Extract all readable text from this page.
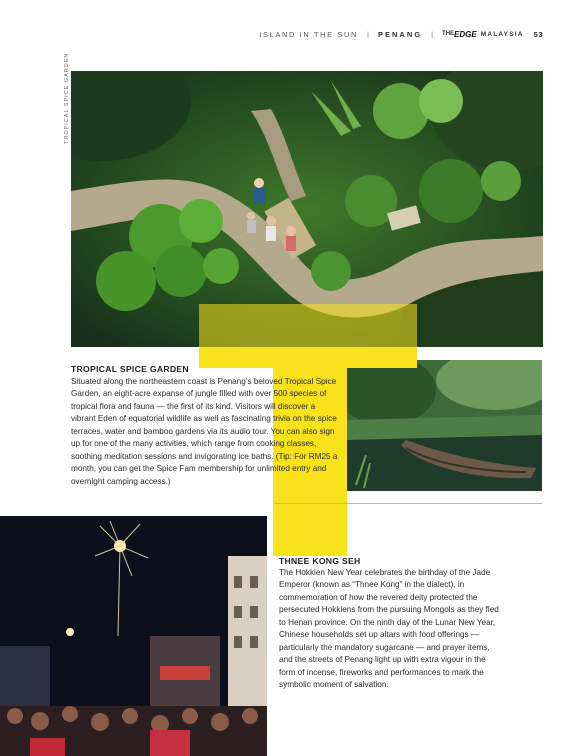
ISLAND IN THE SUN | PENANG | THE EDGE MALAYSIA 53
TROPICAL SPICE GARDEN
TROPICAL SPICE GARDEN
Situated along the northeastern coast is Penang’s beloved Tropical Spice Garden, an eight-acre expanse of jungle filled with over 500 species of tropical flora and fauna — the first of its kind. Visitors will discover a vibrant Eden of equatorial wildlife as well as fascinating trivia on the spice terraces, water and bamboo gardens via its audio tour. You can also sign up for one of the many activities, which range from cooking classes, soothing meditation sessions and invigorating ice baths. (Tip: For RM25 a month, you can get the Spice Fam membership for unlimited entry and overnight camping access.)
THNEE KONG SEH
The Hokkien New Year celebrates the birthday of the Jade Emperor (known as “Thnee Kong” in the dialect), in commemoration of how the revered deity protected the persecuted Hokkiens from the pursuing Mongols as they fled to Henan province. On the ninth day of the Lunar New Year, Chinese households set up altars with food offerings — particularly the mandatory sugarcane — and prayer items, and the streets of Penang light up with extra vigour in the form of incense, fireworks and performances to mark the symbolic moment of salvation.
